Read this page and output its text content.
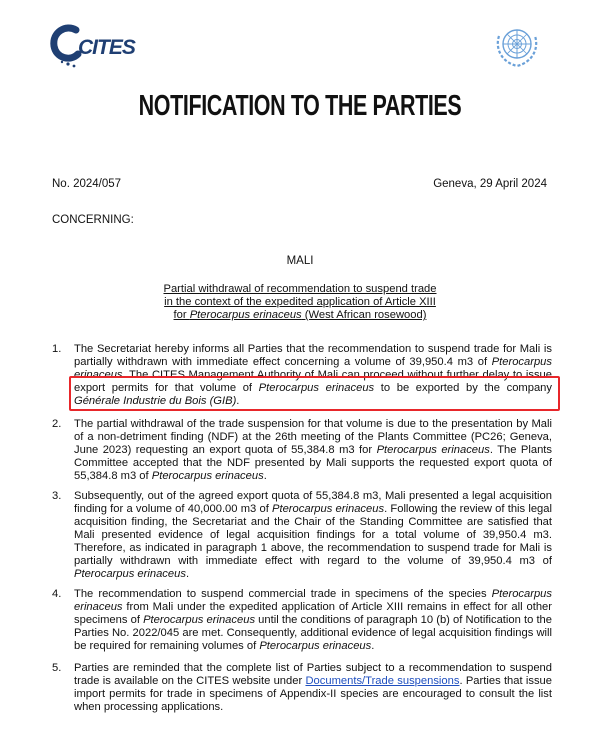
CITES
NOTIFICATION TO THE PARTIES
No. 2024/057	Geneva, 29 April 2024
CONCERNING:
MALI
Partial withdrawal of recommendation to suspend trade
in the context of the expedited application of Article XIII
for Pterocarpus erinaceus (West African rosewood)
1. The Secretariat hereby informs all Parties that the recommendation to suspend trade for Mali is partially withdrawn with immediate effect concerning a volume of 39,950.4 m3 of Pterocarpus erinaceus. The CITES Management Authority of Mali can proceed without further delay to issue export permits for that volume of Pterocarpus erinaceus to be exported by the company Générale Industrie du Bois (GIB).
2. The partial withdrawal of the trade suspension for that volume is due to the presentation by Mali of a non-detriment finding (NDF) at the 26th meeting of the Plants Committee (PC26; Geneva, June 2023) requesting an export quota of 55,384.8 m3 for Pterocarpus erinaceus. The Plants Committee accepted that the NDF presented by Mali supports the requested export quota of 55,384.8 m3 of Pterocarpus erinaceus.
3. Subsequently, out of the agreed export quota of 55,384.8 m3, Mali presented a legal acquisition finding for a volume of 40,000.00 m3 of Pterocarpus erinaceus. Following the review of this legal acquisition finding, the Secretariat and the Chair of the Standing Committee are satisfied that Mali presented evidence of legal acquisition findings for a total volume of 39,950.4 m3. Therefore, as indicated in paragraph 1 above, the recommendation to suspend trade for Mali is partially withdrawn with immediate effect with regard to the volume of 39,950.4 m3 of Pterocarpus erinaceus.
4. The recommendation to suspend commercial trade in specimens of the species Pterocarpus erinaceus from Mali under the expedited application of Article XIII remains in effect for all other specimens of Pterocarpus erinaceus until the conditions of paragraph 10 (b) of Notification to the Parties No. 2022/045 are met. Consequently, additional evidence of legal acquisition findings will be required for remaining volumes of Pterocarpus erinaceus.
5. Parties are reminded that the complete list of Parties subject to a recommendation to suspend trade is available on the CITES website under Documents/Trade suspensions. Parties that issue import permits for trade in specimens of Appendix-II species are encouraged to consult the list when processing applications.
